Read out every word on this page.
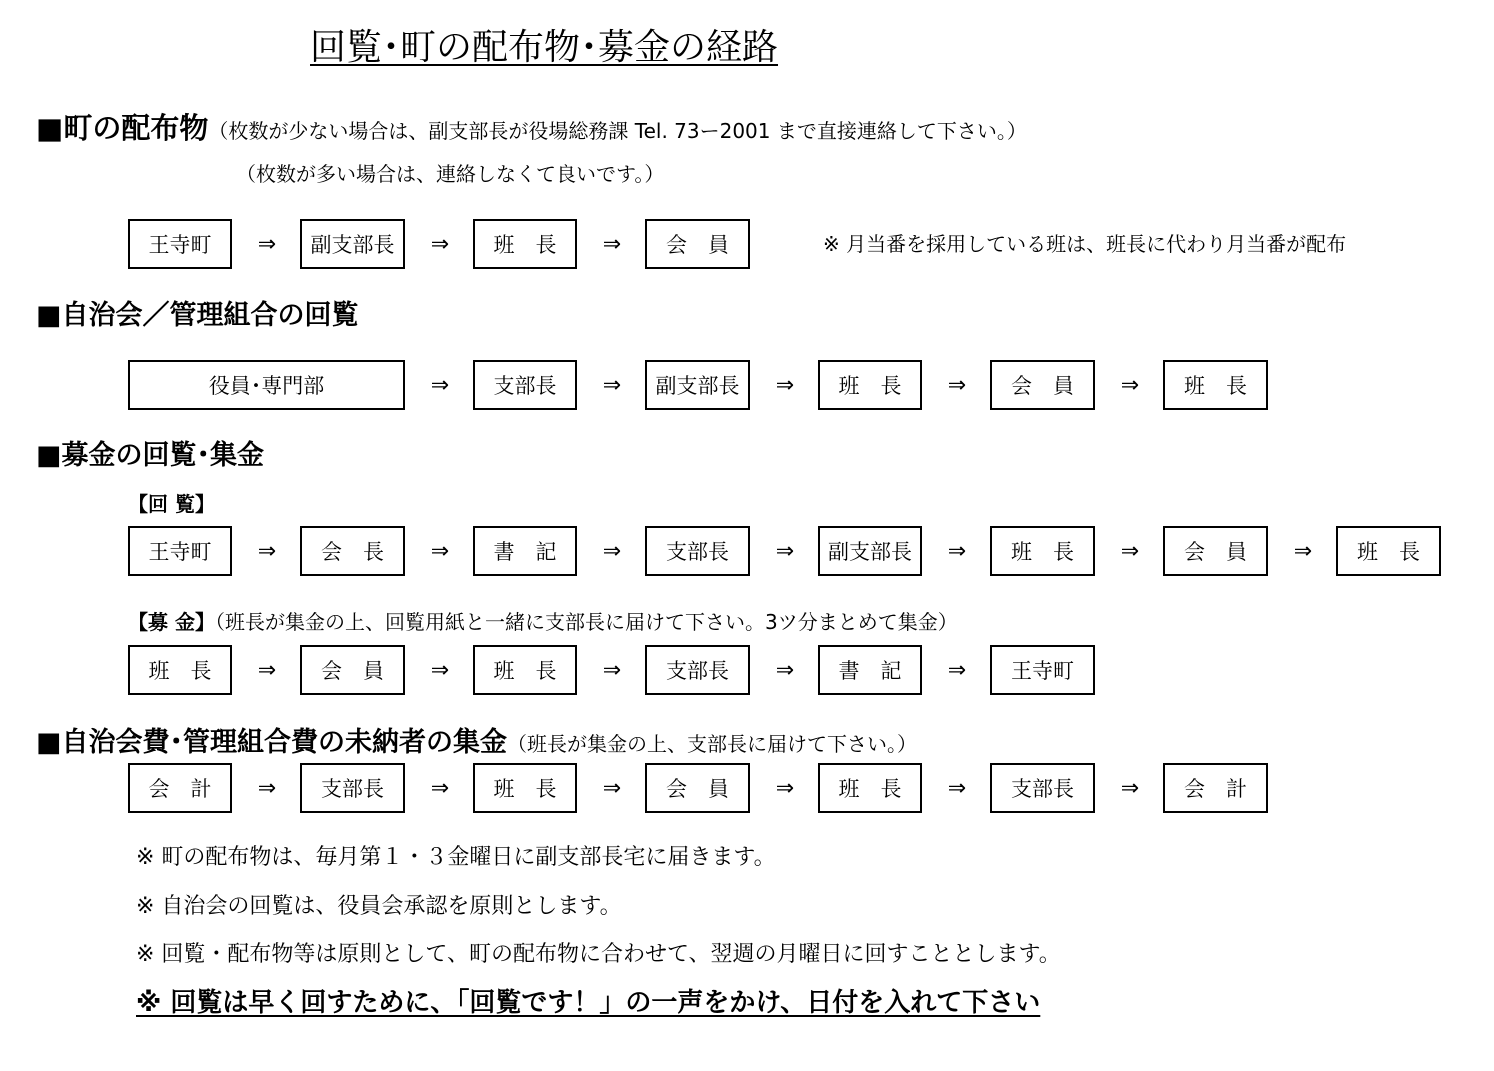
回覧･町の配布物･募金の経路
■町の配布物（枚数が少ない場合は、副支部長が役場総務課 Tel. 73ー2001 まで直接連絡して下さい。）
（枚数が多い場合は、連絡しなくて良いです。）
王寺町	⇒	副支部長	⇒	班　長	⇒	会　員	※ 月当番を採用している班は、班長に代わり月当番が配布
■自治会／管理組合の回覧
役員･専門部	⇒	支部長	⇒	副支部長	⇒	班　長	⇒	会　員	⇒	班　長
■募金の回覧･集金
【回 覧】
王寺町	⇒	会　長	⇒	書　記	⇒	支部長	⇒	副支部長	⇒	班　長	⇒	会　員	⇒	班　長
【募 金】（班長が集金の上、回覧用紙と一緒に支部長に届けて下さい。3ツ分まとめて集金）
班　長	⇒	会　員	⇒	班　長	⇒	支部長	⇒	書　記	⇒	王寺町
■自治会費･管理組合費の未納者の集金（班長が集金の上、支部長に届けて下さい。）
会　計	⇒	支部長	⇒	班　長	⇒	会　員	⇒	班　長	⇒	支部長	⇒	会　計
※ 町の配布物は、毎月第１・３金曜日に副支部長宅に届きます。
※ 自治会の回覧は、役員会承認を原則とします。
※ 回覧・配布物等は原則として、町の配布物に合わせて、翌週の月曜日に回すこととします。
※ 回覧は早く回すために、「回覧です！」の一声をかけ、日付を入れて下さい
